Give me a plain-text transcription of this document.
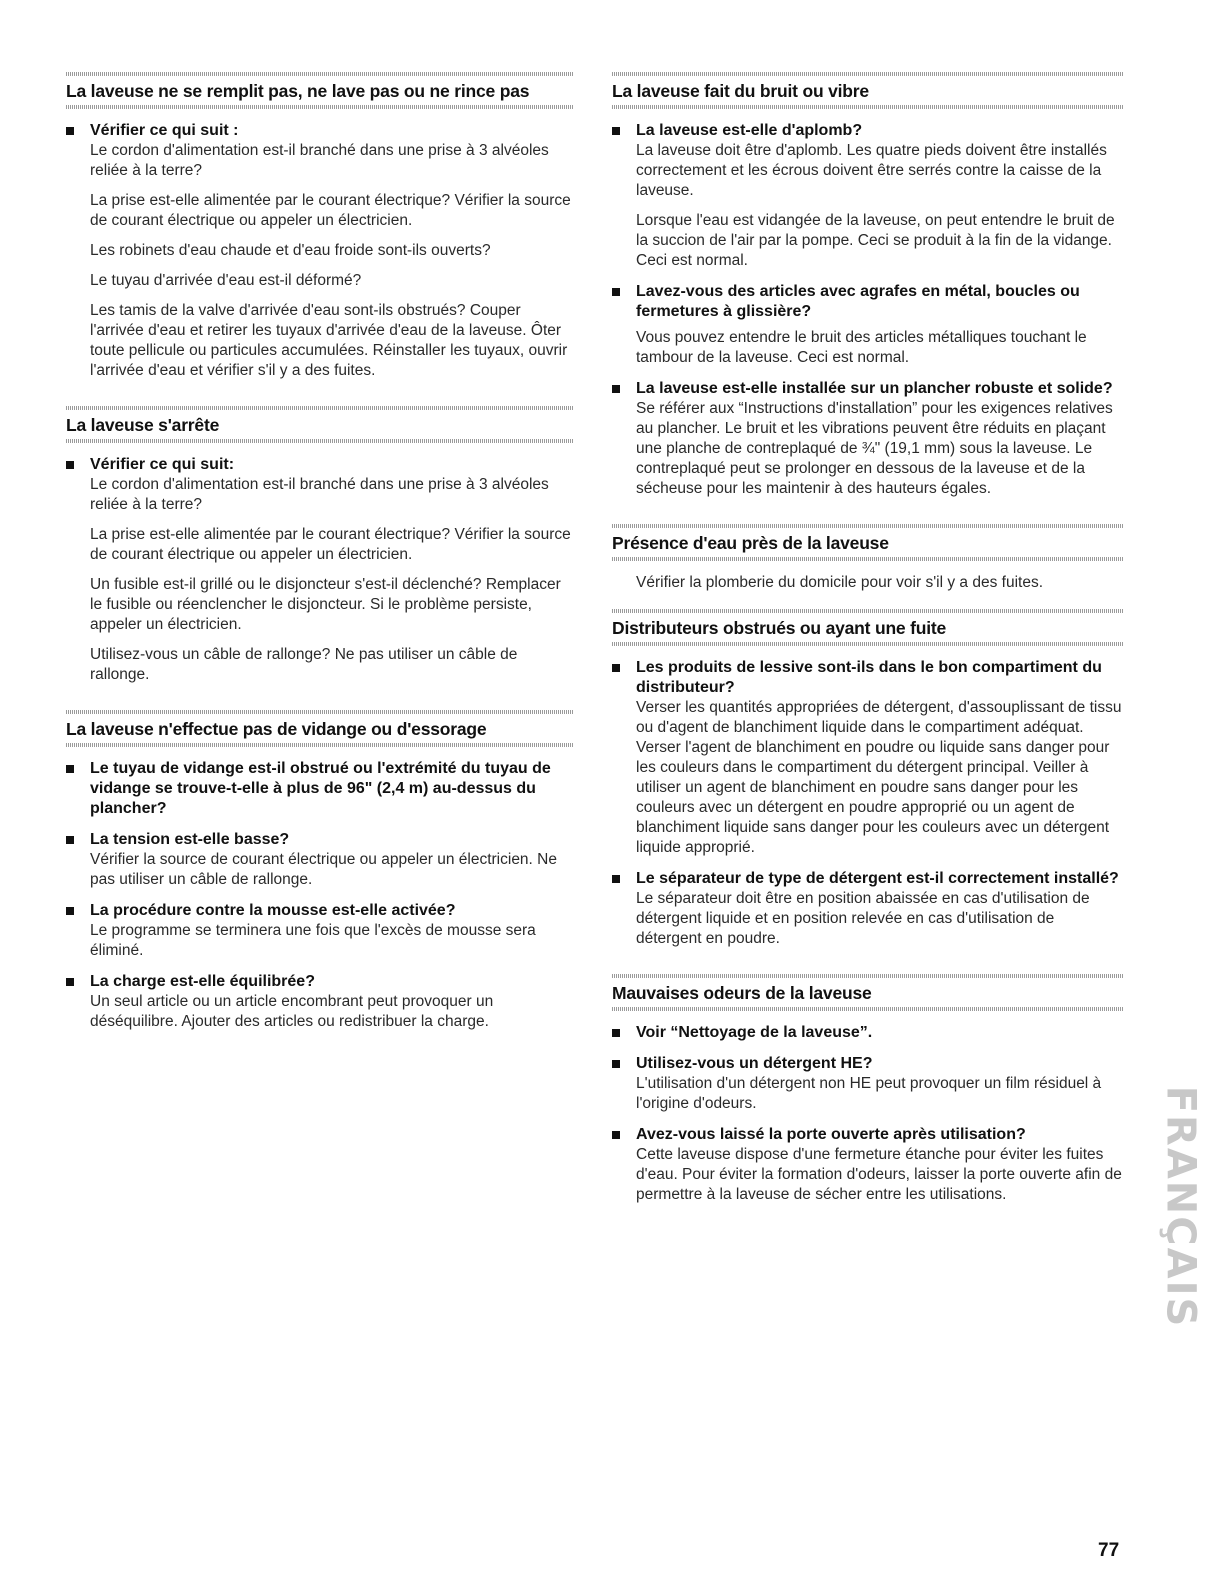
La laveuse ne se remplit pas, ne lave pas ou ne rince pas
Vérifier ce qui suit :
Le cordon d'alimentation est-il branché dans une prise à 3 alvéoles reliée à la terre?
La prise est-elle alimentée par le courant électrique? Vérifier la source de courant électrique ou appeler un électricien.
Les robinets d'eau chaude et d'eau froide sont-ils ouverts?
Le tuyau d'arrivée d'eau est-il déformé?
Les tamis de la valve d'arrivée d'eau sont-ils obstrués? Couper l'arrivée d'eau et retirer les tuyaux d'arrivée d'eau de la laveuse. Ôter toute pellicule ou particules accumulées. Réinstaller les tuyaux, ouvrir l'arrivée d'eau et vérifier s'il y a des fuites.
La laveuse s'arrête
Vérifier ce qui suit:
Le cordon d'alimentation est-il branché dans une prise à 3 alvéoles reliée à la terre?
La prise est-elle alimentée par le courant électrique? Vérifier la source de courant électrique ou appeler un électricien.
Un fusible est-il grillé ou le disjoncteur s'est-il déclenché? Remplacer le fusible ou réenclencher le disjoncteur. Si le problème persiste, appeler un électricien.
Utilisez-vous un câble de rallonge? Ne pas utiliser un câble de rallonge.
La laveuse n'effectue pas de vidange ou d'essorage
Le tuyau de vidange est-il obstrué ou l'extrémité du tuyau de vidange se trouve-t-elle à plus de 96" (2,4 m) au-dessus du plancher?
La tension est-elle basse?
Vérifier la source de courant électrique ou appeler un électricien. Ne pas utiliser un câble de rallonge.
La procédure contre la mousse est-elle activée?
Le programme se terminera une fois que l'excès de mousse sera éliminé.
La charge est-elle équilibrée?
Un seul article ou un article encombrant peut provoquer un déséquilibre. Ajouter des articles ou redistribuer la charge.
La laveuse fait du bruit ou vibre
La laveuse est-elle d'aplomb?
La laveuse doit être d'aplomb. Les quatre pieds doivent être installés correctement et les écrous doivent être serrés contre la caisse de la laveuse.
Lorsque l'eau est vidangée de la laveuse, on peut entendre le bruit de la succion de l'air par la pompe. Ceci se produit à la fin de la vidange. Ceci est normal.
Lavez-vous des articles avec agrafes en métal, boucles ou fermetures à glissière?
Vous pouvez entendre le bruit des articles métalliques touchant le tambour de la laveuse. Ceci est normal.
La laveuse est-elle installée sur un plancher robuste et solide?
Se référer aux “Instructions d'installation” pour les exigences relatives au plancher. Le bruit et les vibrations peuvent être réduits en plaçant une planche de contreplaqué de ¾" (19,1 mm) sous la laveuse. Le contreplaqué peut se prolonger en dessous de la laveuse et de la sécheuse pour les maintenir à des hauteurs égales.
Présence d'eau près de la laveuse
Vérifier la plomberie du domicile pour voir s'il y a des fuites.
Distributeurs obstrués ou ayant une fuite
Les produits de lessive sont-ils dans le bon compartiment du distributeur?
Verser les quantités appropriées de détergent, d'assouplissant de tissu ou d'agent de blanchiment liquide dans le compartiment adéquat. Verser l'agent de blanchiment en poudre ou liquide sans danger pour les couleurs dans le compartiment du détergent principal. Veiller à utiliser un agent de blanchiment en poudre sans danger pour les couleurs avec un détergent en poudre approprié ou un agent de blanchiment liquide sans danger pour les couleurs avec un détergent liquide approprié.
Le séparateur de type de détergent est-il correctement installé?
Le séparateur doit être en position abaissée en cas d'utilisation de détergent liquide et en position relevée en cas d'utilisation de détergent en poudre.
Mauvaises odeurs de la laveuse
Voir “Nettoyage de la laveuse”.
Utilisez-vous un détergent HE?
L'utilisation d'un détergent non HE peut provoquer un film résiduel à l'origine d'odeurs.
Avez-vous laissé la porte ouverte après utilisation?
Cette laveuse dispose d'une fermeture étanche pour éviter les fuites d'eau. Pour éviter la formation d'odeurs, laisser la porte ouverte afin de permettre à la laveuse de sécher entre les utilisations.	FRANÇAIS
77
